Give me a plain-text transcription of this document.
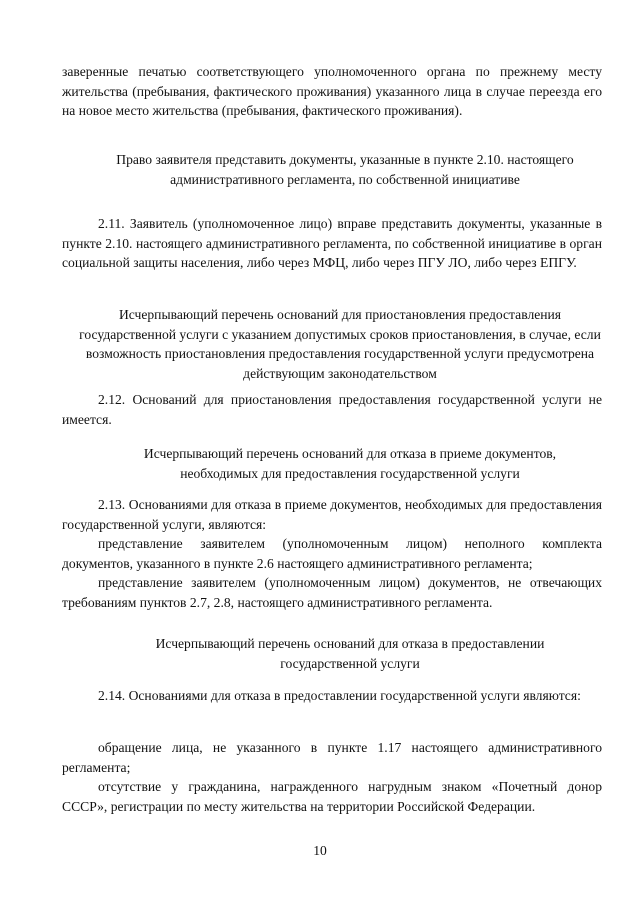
заверенные печатью соответствующего уполномоченного органа по прежнему месту жительства (пребывания, фактического проживания) указанного лица в случае переезда его на новое место жительства (пребывания, фактического проживания).

Право заявителя представить документы, указанные в пункте 2.10. настоящего административного регламента, по собственной инициативе

2.11. Заявитель (уполномоченное лицо) вправе представить документы, указанные в пункте 2.10. настоящего административного регламента, по собственной инициативе в орган социальной защиты населения, либо через МФЦ, либо через ПГУ ЛО, либо через ЕПГУ.

Исчерпывающий перечень оснований для приостановления предоставления государственной услуги с указанием допустимых сроков приостановления, в случае, если возможность приостановления предоставления государственной услуги предусмотрена действующим законодательством

2.12. Оснований для приостановления предоставления государственной услуги не имеется.

Исчерпывающий перечень оснований для отказа в приеме документов, необходимых для предоставления государственной услуги

2.13. Основаниями для отказа в приеме документов, необходимых для предоставления государственной услуги, являются:

представление заявителем (уполномоченным лицом) неполного комплекта документов, указанного в пункте 2.6 настоящего административного регламента;

представление заявителем (уполномоченным лицом) документов, не отвечающих требованиям пунктов 2.7, 2.8, настоящего административного регламента.

Исчерпывающий перечень оснований для отказа в предоставлении государственной услуги

2.14. Основаниями для отказа в предоставлении государственной услуги являются:

обращение лица, не указанного в пункте 1.17 настоящего административного регламента;

отсутствие у гражданина, награжденного нагрудным знаком «Почетный донор СССР», регистрации по месту жительства на территории Российской Федерации.

10
